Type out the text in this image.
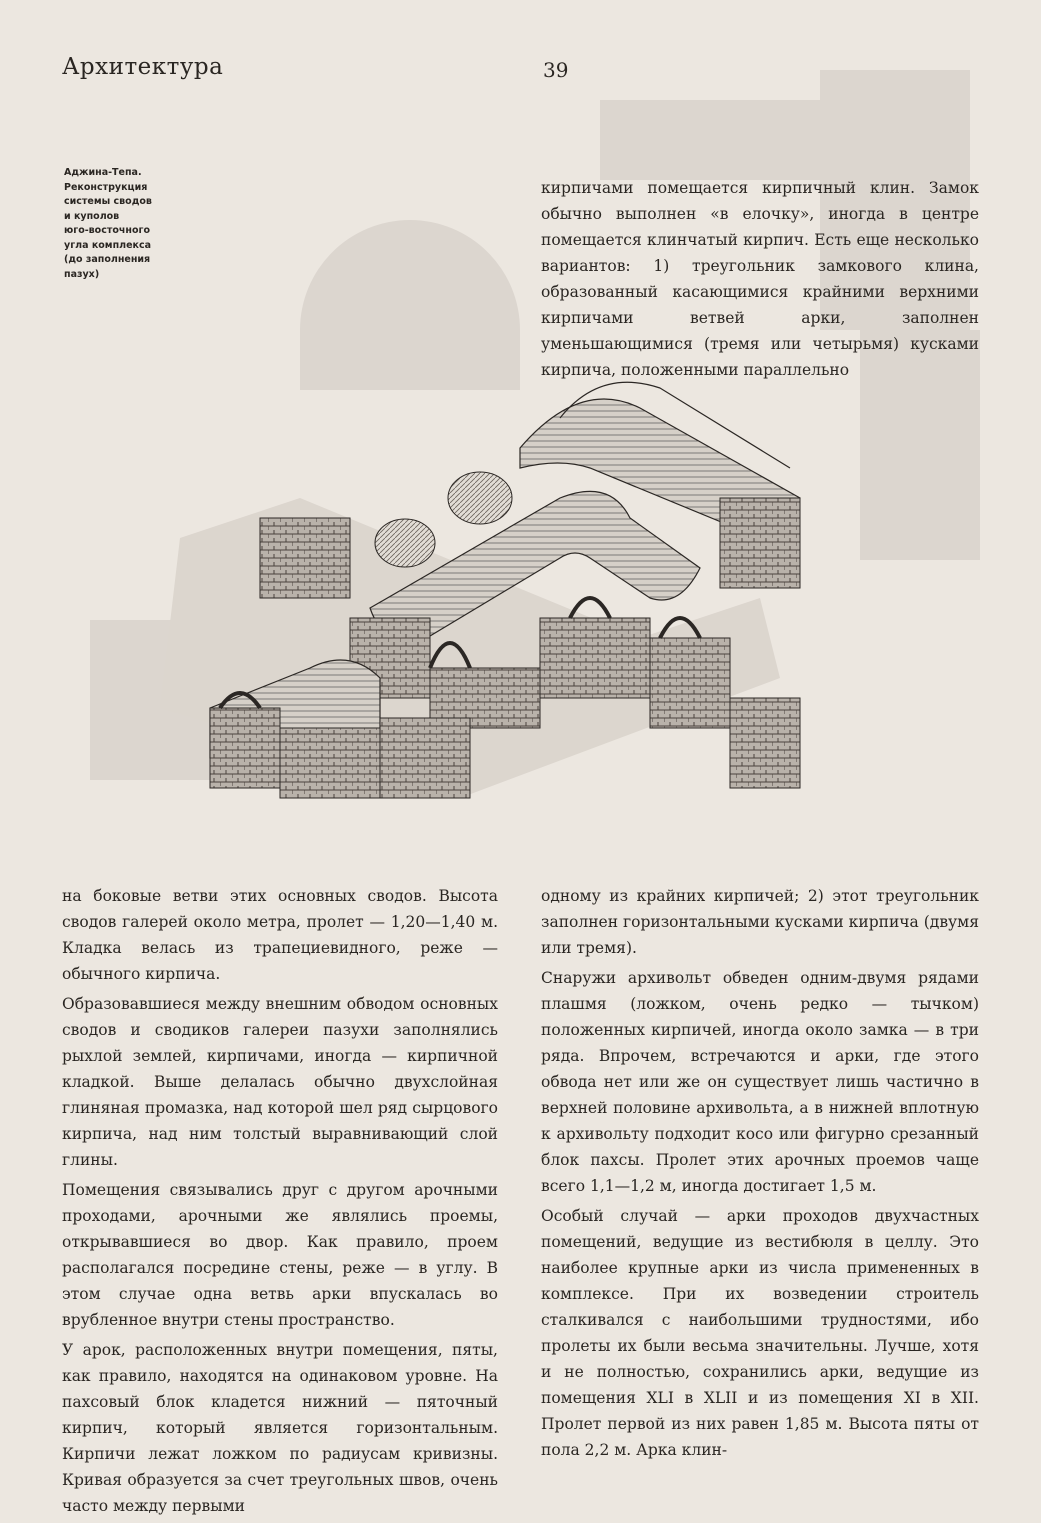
Архитектура	39
Аджина-Тепа.
Реконструкция
системы сводов
и куполов
юго-восточного
угла комплекса
(до заполнения
пазух)

кирпичами помещается кирпичный клин. Замок обычно выполнен «в елочку», иногда в центре помещается клинчатый кирпич. Есть еще несколько вариантов: 1) треугольник замкового клина, образованный касающимися крайними верхними кирпичами ветвей арки, заполнен уменьшающимися (тремя или четырьмя) кусками кирпича, положенными параллельно

на боковые ветви этих основных сводов. Высота сводов галерей около метра, пролет — 1,20—1,40 м. Кладка велась из трапециевидного, реже — обычного кирпича.

Образовавшиеся между внешним обводом основных сводов и сводиков галереи пазухи заполнялись рыхлой землей, кирпичами, иногда — кирпичной кладкой. Выше делалась обычно двухслойная глиняная промазка, над которой шел ряд сырцового кирпича, над ним толстый выравнивающий слой глины.

Помещения связывались друг с другом арочными проходами, арочными же являлись проемы, открывавшиеся во двор. Как правило, проем располагался посредине стены, реже — в углу. В этом случае одна ветвь арки впускалась во врубленное внутри стены пространство.

У арок, расположенных внутри помещения, пяты, как правило, находятся на одинаковом уровне. На пахсовый блок кладется нижний — пяточный кирпич, который является горизонтальным. Кирпичи лежат ложком по радиусам кривизны. Кривая образуется за счет треугольных швов, очень часто между первыми

одному из крайних кирпичей; 2) этот треугольник заполнен горизонтальными кусками кирпича (двумя или тремя).

Снаружи архивольт обведен одним-двумя рядами плашмя (ложком, очень редко — тычком) положенных кирпичей, иногда около замка — в три ряда. Впрочем, встречаются и арки, где этого обвода нет или же он существует лишь частично в верхней половине архивольта, а в нижней вплотную к архивольту подходит косо или фигурно срезанный блок пахсы. Пролет этих арочных проемов чаще всего 1,1—1,2 м, иногда достигает 1,5 м.

Особый случай — арки проходов двухчастных помещений, ведущие из вестибюля в целлу. Это наиболее крупные арки из числа примененных в комплексе. При их возведении строитель сталкивался с наибольшими трудностями, ибо пролеты их были весьма значительны. Лучше, хотя и не полностью, сохранились арки, ведущие из помещения XLI в XLII и из помещения XI в XII. Пролет первой из них равен 1,85 м. Высота пяты от пола 2,2 м. Арка клин-
